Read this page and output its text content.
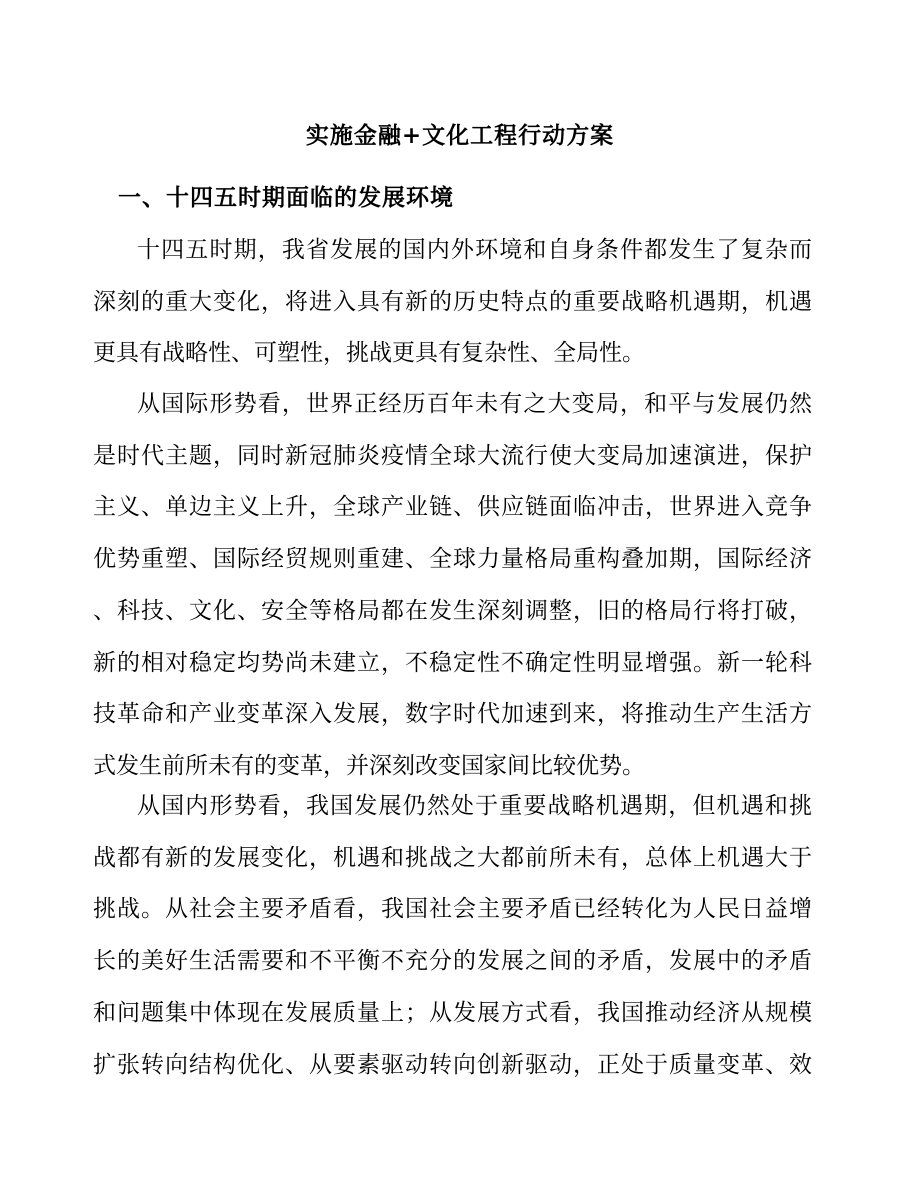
实施金融+文化工程行动方案
一、十四五时期面临的发展环境
十四五时期，我省发展的国内外环境和自身条件都发生了复杂而
深刻的重大变化，将进入具有新的历史特点的重要战略机遇期，机遇
更具有战略性、可塑性，挑战更具有复杂性、全局性。
从国际形势看，世界正经历百年未有之大变局，和平与发展仍然
是时代主题，同时新冠肺炎疫情全球大流行使大变局加速演进，保护
主义、单边主义上升，全球产业链、供应链面临冲击，世界进入竞争
优势重塑、国际经贸规则重建、全球力量格局重构叠加期，国际经济
、科技、文化、安全等格局都在发生深刻调整，旧的格局行将打破，
新的相对稳定均势尚未建立，不稳定性不确定性明显增强。新一轮科
技革命和产业变革深入发展，数字时代加速到来，将推动生产生活方
式发生前所未有的变革，并深刻改变国家间比较优势。
从国内形势看，我国发展仍然处于重要战略机遇期，但机遇和挑
战都有新的发展变化，机遇和挑战之大都前所未有，总体上机遇大于
挑战。从社会主要矛盾看，我国社会主要矛盾已经转化为人民日益增
长的美好生活需要和不平衡不充分的发展之间的矛盾，发展中的矛盾
和问题集中体现在发展质量上；从发展方式看，我国推动经济从规模
扩张转向结构优化、从要素驱动转向创新驱动，正处于质量变革、效
